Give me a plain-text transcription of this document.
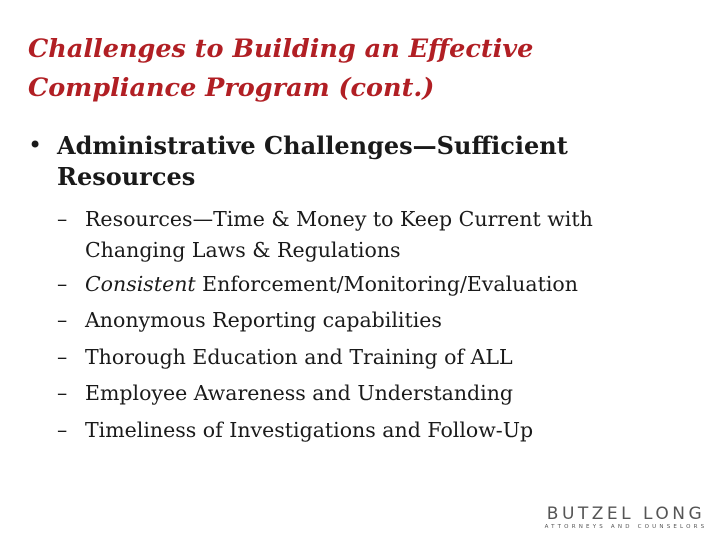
Challenges to Building an Effective
Compliance Program (cont.)
• Administrative Challenges—Sufficient
Resources
– Resources—Time & Money to Keep Current with
Changing Laws & Regulations
– Consistent Enforcement/Monitoring/Evaluation
– Anonymous Reporting capabilities
– Thorough Education and Training of ALL
– Employee Awareness and Understanding
– Timeliness of Investigations and Follow-Up
BUTZEL LONG
ATTORNEYS AND COUNSELORS
